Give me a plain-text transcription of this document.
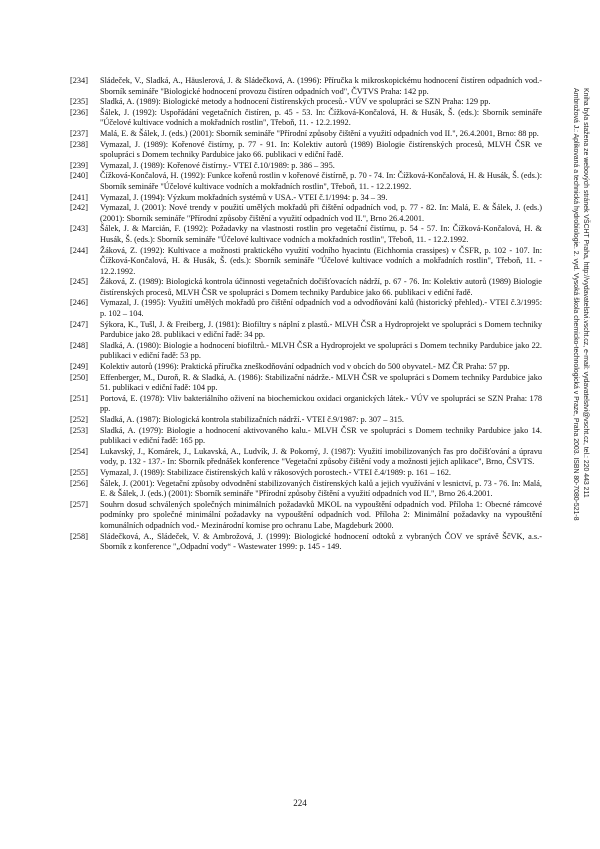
[234]	Sládeček, V., Sladká, A., Häuslerová, J. & Sládečková, A. (1996): Příručka k mikroskopickému hodnocení čistíren odpadních vod.- Sborník semináře "Biologické hodnocení provozu čistíren odpadních vod", ČVTVS Praha: 142 pp.
[235]	Sladká, A. (1989): Biologické metody a hodnocení čistírenských procesů.- VÚV ve spolupráci se SZN Praha: 129 pp.
[236]	Šálek, J. (1992): Uspořádání vegetačních čistíren, p. 45 - 53. In: Čížková-Končalová, H. & Husák, Š. (eds.): Sborník semináře "Účelové kultivace vodních a mokřadních rostlin", Třeboň, 11. - 12.2.1992.
[237]	Malá, E. & Šálek, J. (eds.) (2001): Sborník semináře "Přírodní způsoby čištění a využití odpadních vod II.", 26.4.2001, Brno: 88 pp.
[238]	Vymazal, J. (1989): Kořenové čistírny, p. 77 - 91. In: Kolektiv autorů (1989) Biologie čistírenských procesů, MLVH ČSR ve spolupráci s Domem techniky Pardubice jako 66. publikaci v ediční řadě.
[239]	Vymazal, J. (1989): Kořenové čistírny.- VTEI č.10/1989: p. 386 – 395.
[240]	Čížková-Končalová, H. (1992): Funkce kořenů rostlin v kořenové čistírně, p. 70 - 74. In: Čížková-Končalová, H. & Husák, Š. (eds.): Sborník semináře "Účelové kultivace vodních a mokřadních rostlin", Třeboň, 11. - 12.2.1992.
[241]	Vymazal, J. (1994): Výzkum mokřadních systémů v USA.- VTEI č.1/1994: p. 34 – 39.
[242]	Vymazal, J. (2001): Nové trendy v použití umělých mokřadů při čištění odpadních vod, p. 77 - 82. In: Malá, E. & Šálek, J. (eds.) (2001): Sborník semináře "Přírodní způsoby čištění a využití odpadních vod II.", Brno 26.4.2001.
[243]	Šálek, J. & Marcián, F. (1992): Požadavky na vlastnosti rostlin pro vegetační čistírnu, p. 54 - 57. In: Čížková-Končalová, H. & Husák, Š. (eds.): Sborník semináře "Účelové kultivace vodních a mokřadních rostlin", Třeboň, 11. - 12.2.1992.
[244]	Žáková, Z. (1992): Kultivace a možnosti praktického využití vodního hyacintu (Eichhornia crassipes) v ČSFR, p. 102 - 107. In: Čížková-Končalová, H. & Husák, Š. (eds.): Sborník semináře "Účelové kultivace vodních a mokřadních rostlin", Třeboň, 11. - 12.2.1992.
[245]	Žáková, Z. (1989): Biologická kontrola účinnosti vegetačních dočišťovacích nádrží, p. 67 - 76. In: Kolektiv autorů (1989) Biologie čistírenských procesů, MLVH ČSR ve spolupráci s Domem techniky Pardubice jako 66. publikaci v ediční řadě.
[246]	Vymazal, J. (1995): Využití umělých mokřadů pro čištění odpadních vod a odvodňování kalů (historický přehled).- VTEI č.3/1995: p. 102 – 104.
[247]	Sýkora, K., Tušl, J. & Freiberg, J. (1981): Biofiltry s náplní z plastů.- MLVH ČSR a Hydroprojekt ve spolupráci s Domem techniky Pardubice jako 28. publikaci v ediční řadě: 34 pp.
[248]	Sladká, A. (1980): Biologie a hodnocení biofiltrů.- MLVH ČSR a Hydroprojekt ve spolupráci s Domem techniky Pardubice jako 22. publikaci v ediční řadě: 53 pp.
[249]	Kolektiv autorů (1996): Praktická příručka zneškodňování odpadních vod v obcích do 500 obyvatel.- MZ ČR Praha: 57 pp.
[250]	Effenberger, M., Duroň, R. & Sladká, A. (1986): Stabilizační nádrže.- MLVH ČSR ve spolupráci s Domem techniky Pardubice jako 51. publikaci v ediční řadě: 104 pp.
[251]	Portová, E. (1978): Vliv bakteriálního oživení na biochemickou oxidaci organických látek.- VÚV ve spolupráci se SZN Praha: 178 pp.
[252]	Sladká, A. (1987): Biologická kontrola stabilizačních nádrží.- VTEI č.9/1987: p. 307 – 315.
[253]	Sladká, A. (1979): Biologie a hodnocení aktivovaného kalu.- MLVH ČSR ve spolupráci s Domem techniky Pardubice jako 14. publikaci v ediční řadě: 165 pp.
[254]	Lukavský, J., Komárek, J., Lukavská, A., Ludvík, J. & Pokorný, J. (1987): Využití imobilizovaných řas pro dočišťování a úpravu vody, p. 132 - 137.- In: Sborník přednášek konference "Vegetační způsoby čištění vody a možnosti jejich aplikace", Brno, ČSVTS.
[255]	Vymazal, J. (1989): Stabilizace čistírenských kalů v rákosových porostech.- VTEI č.4/1989: p. 161 – 162.
[256]	Šálek, J. (2001): Vegetační způsoby odvodnění stabilizovaných čistírenských kalů a jejich využívání v lesnictví, p. 73 - 76. In: Malá, E. & Šálek, J. (eds.) (2001): Sborník semináře "Přírodní způsoby čištění a využití odpadních vod II.", Brno 26.4.2001.
[257]	Souhrn dosud schválených společných minimálních požadavků MKOL na vypouštění odpadních vod. Příloha 1: Obecné rámcové podmínky pro společné minimální požadavky na vypouštění odpadních vod. Příloha 2: Minimální požadavky na vypouštění komunálních odpadních vod.- Mezinárodní komise pro ochranu Labe, Magdeburk 2000.
[258]	Sládečková, A., Sládeček, V. & Ambrožová, J. (1999): Biologické hodnocení odtoků z vybraných ČOV ve správě ŠčVK, a.s.- Sborník z konference "„Odpadní vody“ - Wastewater 1999: p. 145 - 149.
Ambrožová J.: Aplikovaná a technická hydrobiologie. 2. vyd. Vysoká škola chemicko-technologická v Praze, Praha 2003. ISBN 80-7080-521-8 Kniha byla stažena ze webových stránek VŠCHT Praha, http://vydavatelstvi.vscht.cz, e-mail: vydavatelstvi@vscht.cz, tel.: 220 443 211
224
